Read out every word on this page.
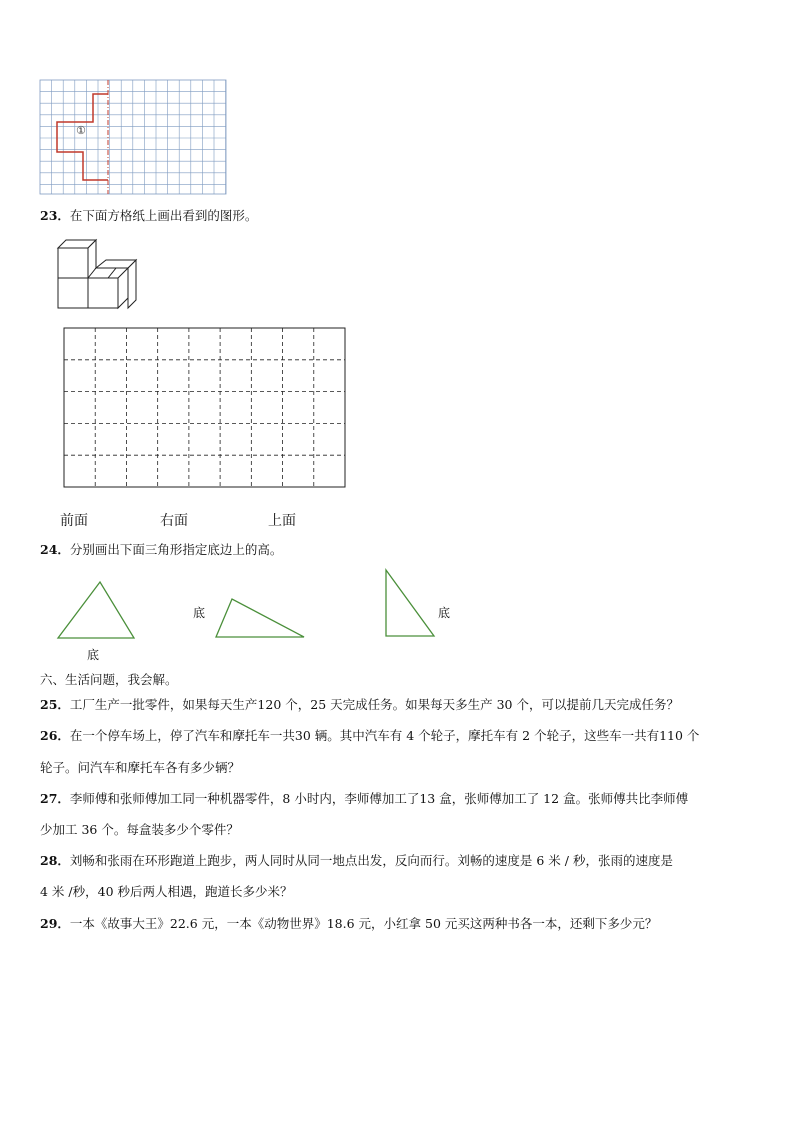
①
23．在下面方格纸上画出看到的图形。
前面	右面	上面
24．分别画出下面三角形指定底边上的高。
底
底	底
六、生活问题，我会解。
25．工厂生产一批零件，如果每天生产120 个，25 天完成任务。如果每天多生产 30 个，可以提前几天完成任务？
26．在一个停车场上，停了汽车和摩托车一共30 辆。其中汽车有 4 个轮子，摩托车有 2 个轮子，这些车一共有110 个
轮子。问汽车和摩托车各有多少辆？
27．李师傅和张师傅加工同一种机器零件，8 小时内，李师傅加工了13 盒，张师傅加工了 12 盒。张师傅共比李师傅
少加工 36 个。每盒装多少个零件？
28．刘畅和张雨在环形跑道上跑步，两人同时从同一地点出发，反向而行。刘畅的速度是 6 米 / 秒，张雨的速度是
4 米 /秒，40 秒后两人相遇，跑道长多少米？
29．一本《故事大王》22.6 元，一本《动物世界》18.6 元，小红拿 50 元买这两种书各一本，还剩下多少元？
